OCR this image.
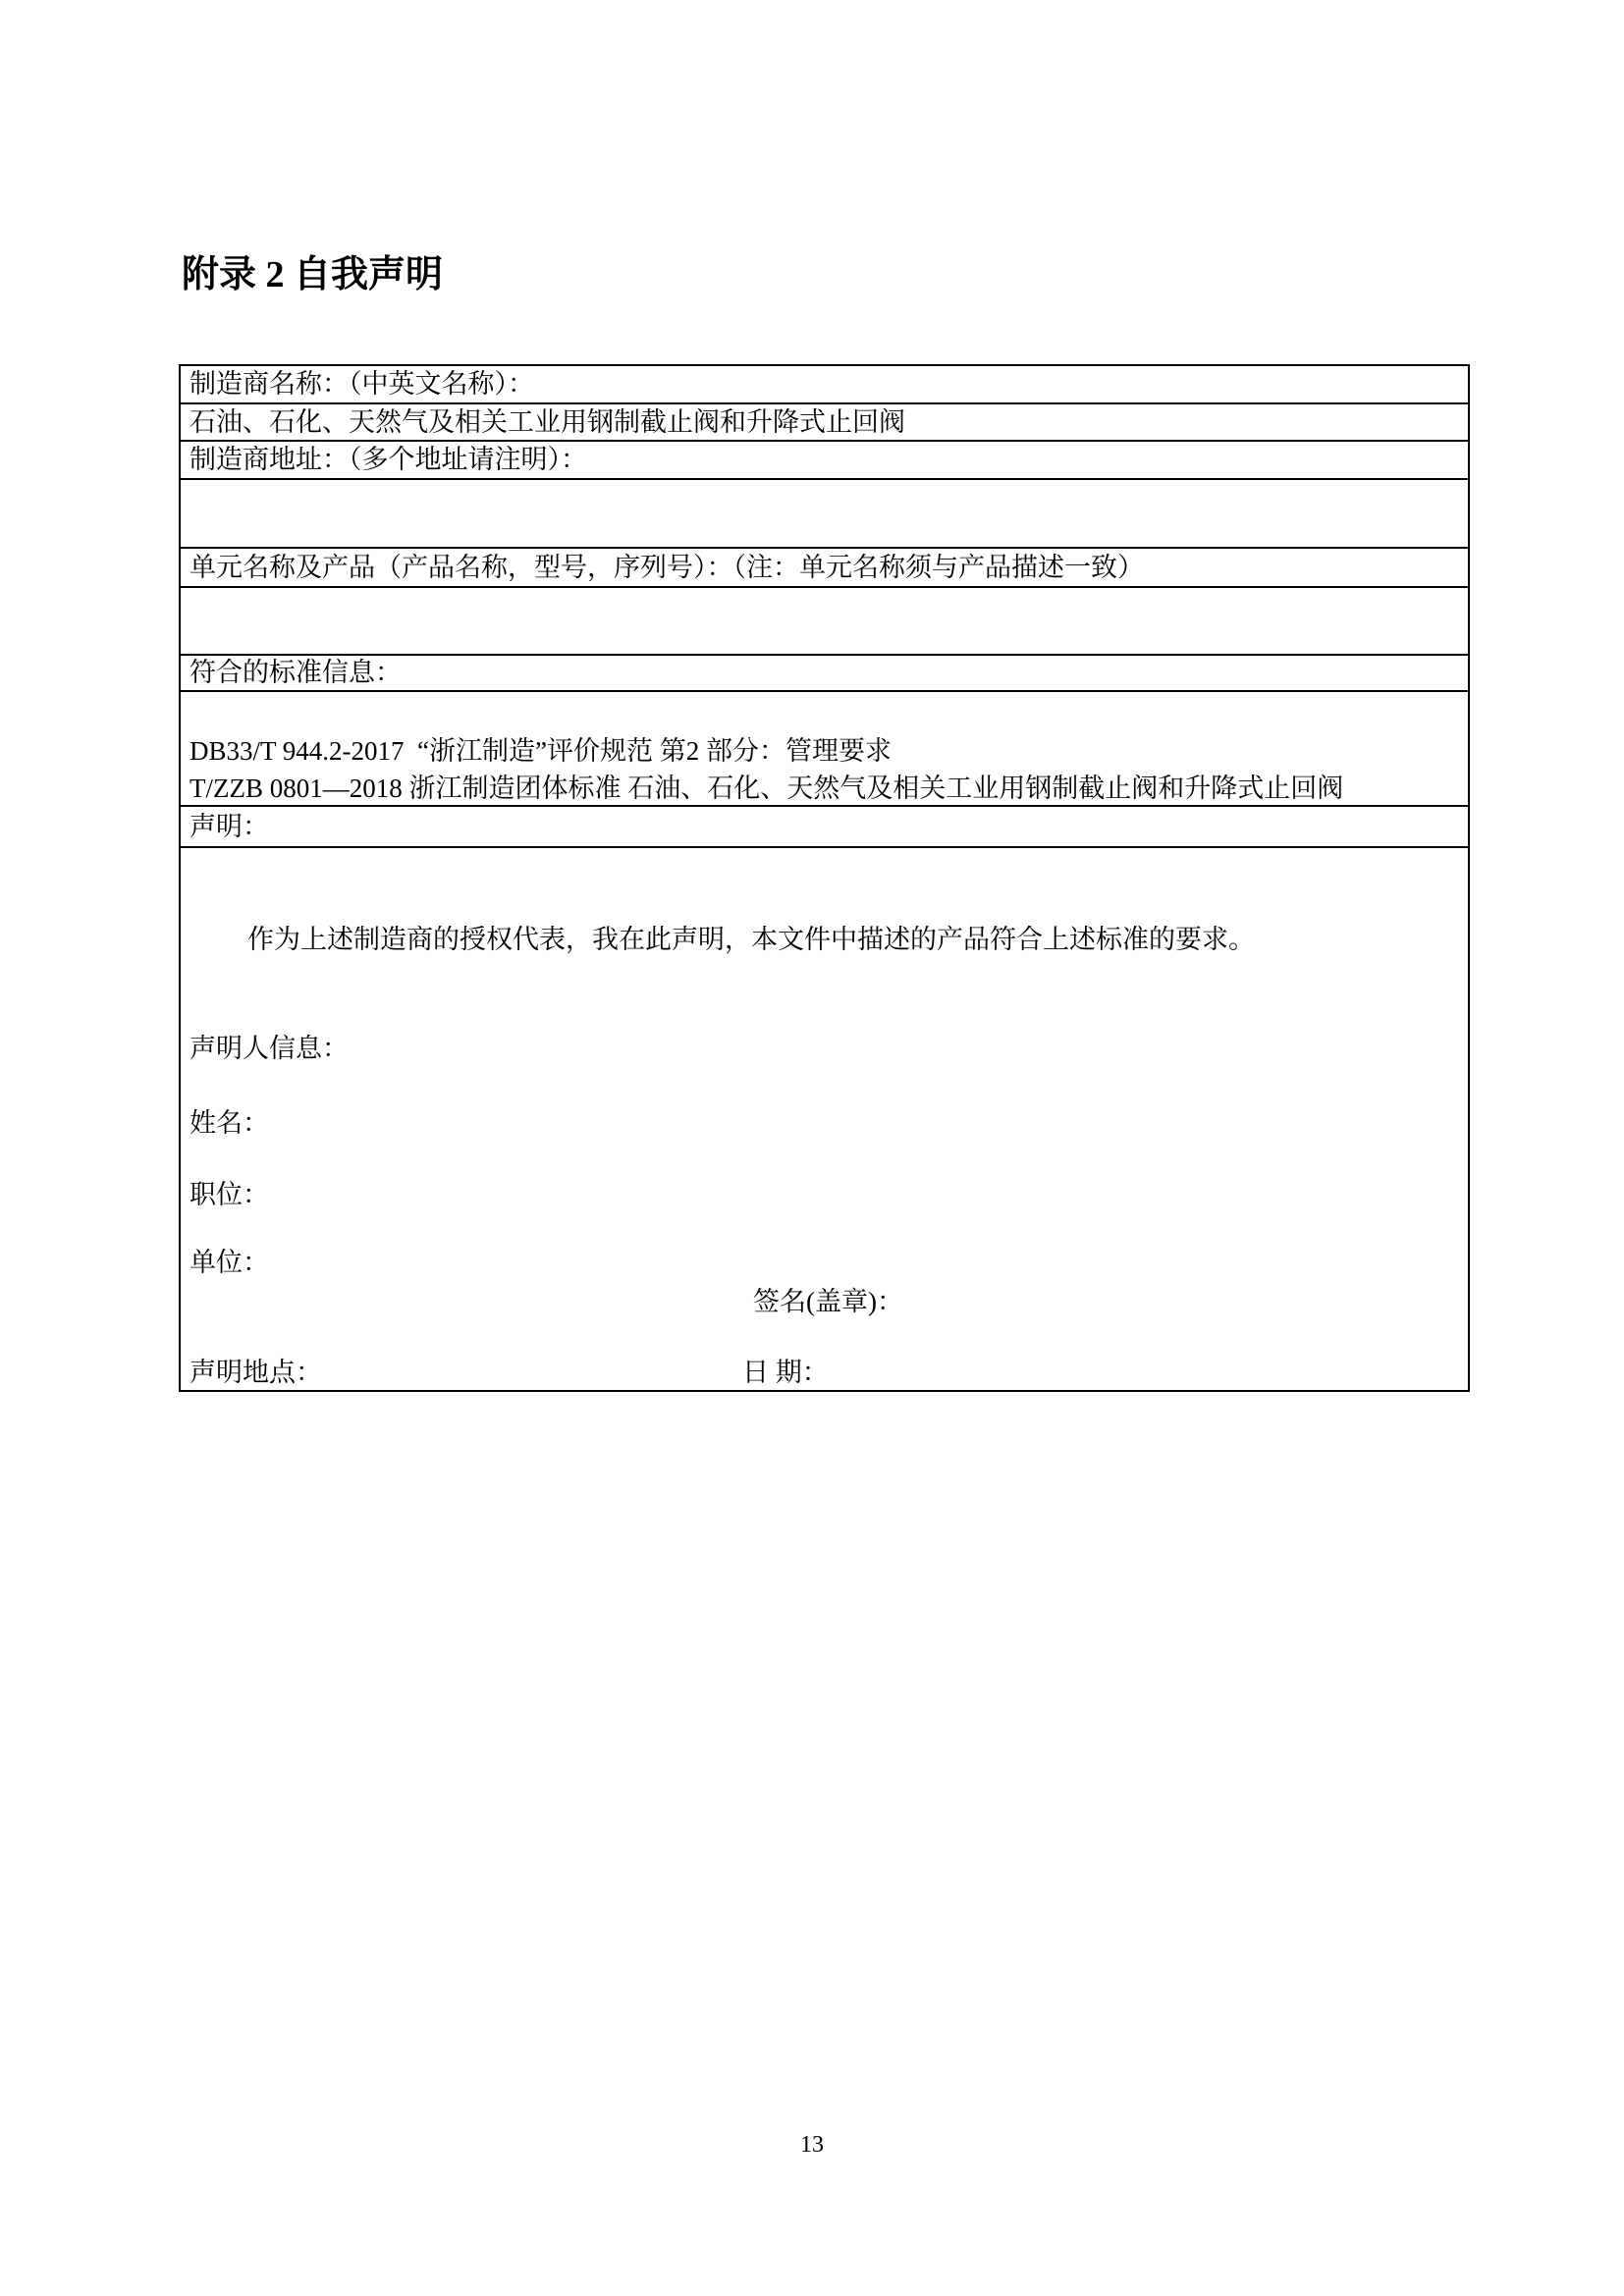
附录 2 自我声明
制造商名称：（中英文名称）：
石油、石化、天然气及相关工业用钢制截止阀和升降式止回阀
制造商地址：（多个地址请注明）：
单元名称及产品（产品名称，型号，序列号）：（注：单元名称须与产品描述一致）
符合的标准信息：
DB33/T 944.2-2017  “浙江制造”评价规范 第2 部分：管理要求
T/ZZB 0801—2018 浙江制造团体标准 石油、石化、天然气及相关工业用钢制截止阀和升降式止回阀
声明：
作为上述制造商的授权代表，我在此声明，本文件中描述的产品符合上述标准的要求。
声明人信息：
姓名：
职位：
单位：
签名(盖章)：
声明地点：	日 期：
13
